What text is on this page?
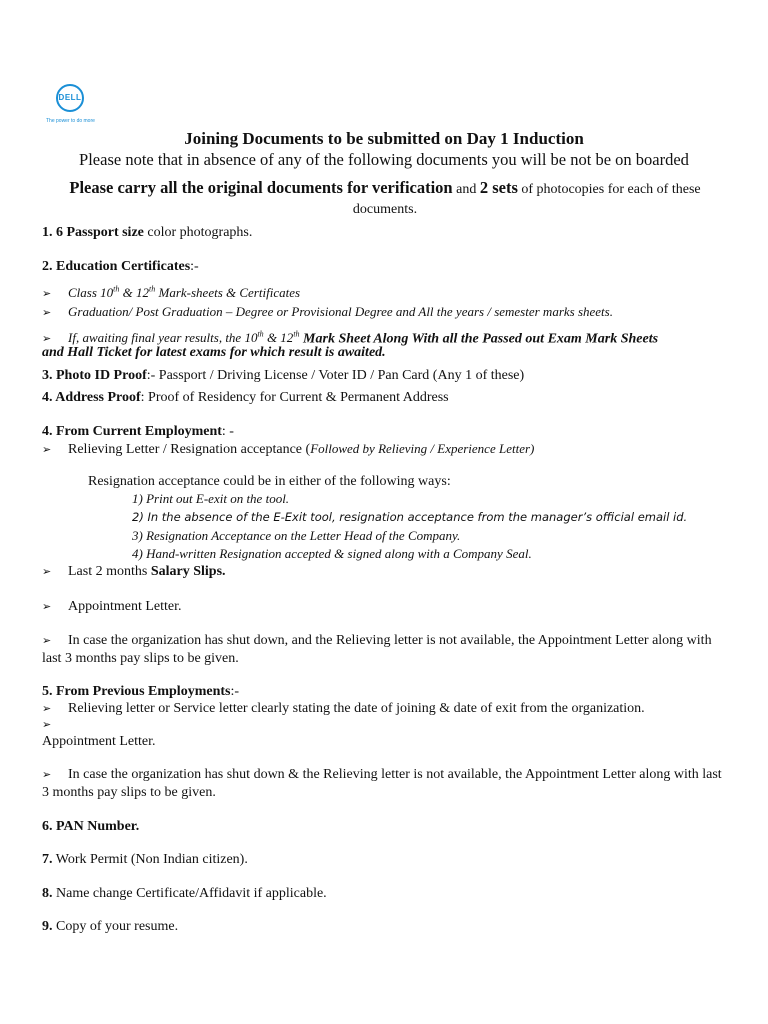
DELL
The power to do more
Joining Documents to be submitted on Day 1 Induction
Please note that in absence of any of the following documents you will be not be on boarded
Please carry all the original documents for verification and 2 sets of photocopies for each of these documents.
1. 6 Passport size color photographs.
2. Education Certificates:-
➢ Class 10th & 12th Mark-sheets & Certificates
➢ Graduation/ Post Graduation – Degree or Provisional Degree and All the years / semester marks sheets.
➢ If, awaiting final year results, the 10th & 12th Mark Sheet Along With all the Passed out Exam Mark Sheets
and Hall Ticket for latest exams for which result is awaited.
3. Photo ID Proof:- Passport / Driving License / Voter ID / Pan Card (Any 1 of these)
4. Address Proof: Proof of Residency for Current & Permanent Address
4. From Current Employment: -
➢ Relieving Letter / Resignation acceptance (Followed by Relieving / Experience Letter)
Resignation acceptance could be in either of the following ways:
1) Print out E-exit on the tool.
2) In the absence of the E-Exit tool, resignation acceptance from the manager’s official email id.
3) Resignation Acceptance on the Letter Head of the Company.
4) Hand-written Resignation accepted & signed along with a Company Seal.
➢ Last 2 months Salary Slips.
➢ Appointment Letter.
➢ In case the organization has shut down, and the Relieving letter is not available, the Appointment Letter along with last 3 months pay slips to be given.
5. From Previous Employments:-
➢ Relieving letter or Service letter clearly stating the date of joining & date of exit from the organization.
➢
Appointment Letter.
➢ In case the organization has shut down & the Relieving letter is not available, the Appointment Letter along with last 3 months pay slips to be given.
6. PAN Number.
7. Work Permit (Non Indian citizen).
8. Name change Certificate/Affidavit if applicable.
9. Copy of your resume.
